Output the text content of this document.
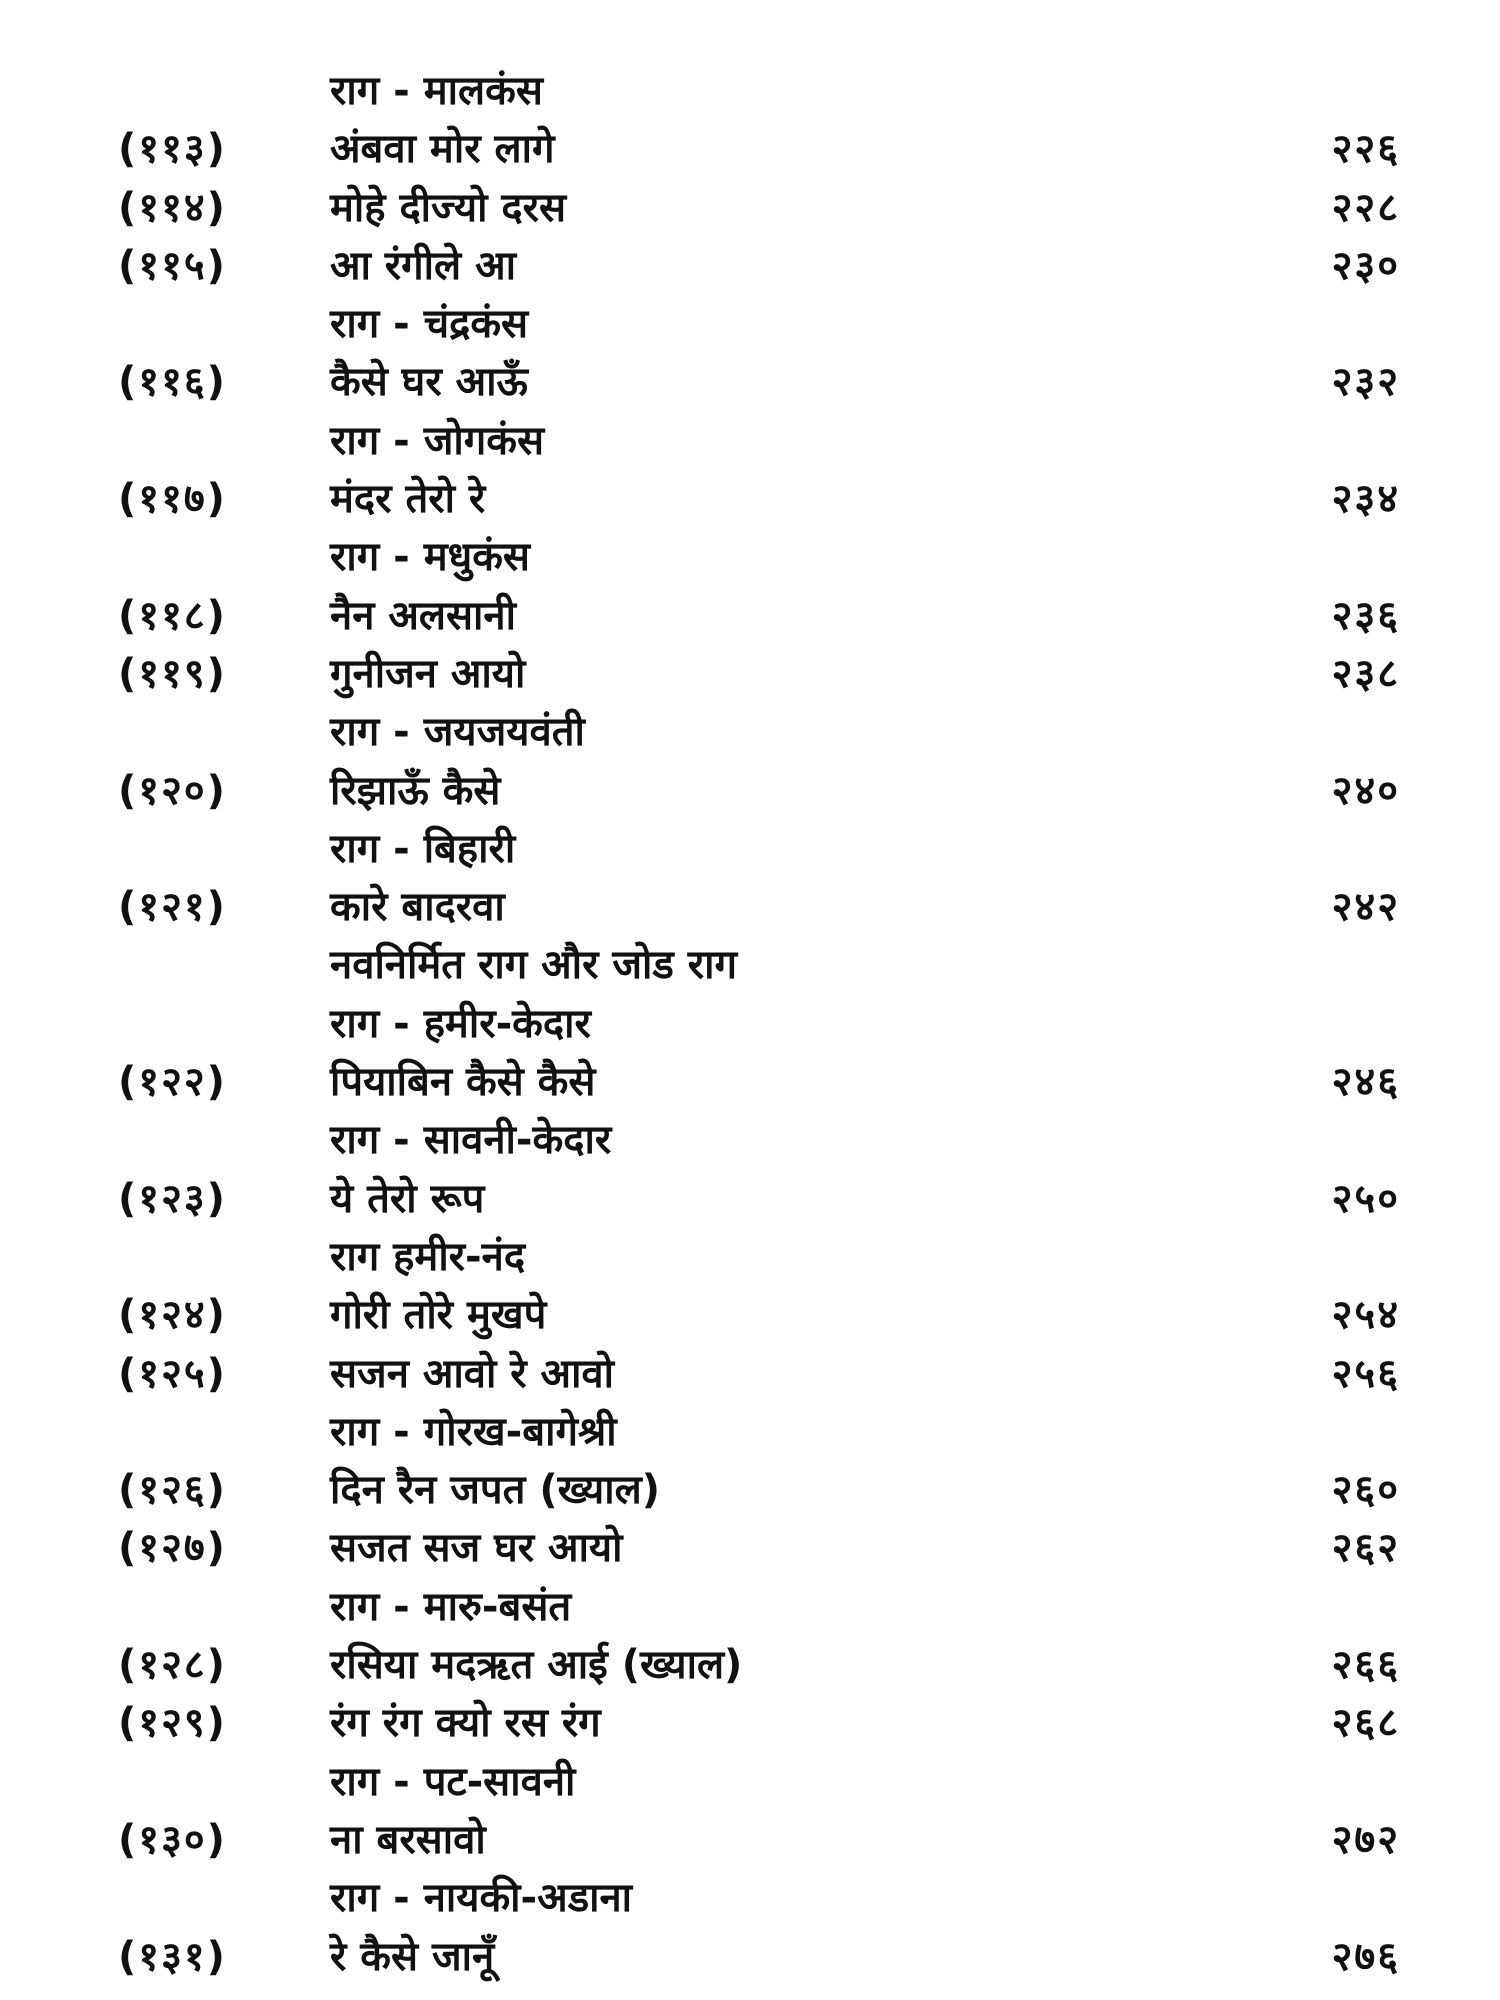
राग - मालकंस
(११३)	अंबवा मोर लागे	२२६
(११४)	मोहे दीज्यो दरस	२२८
(११५)	आ रंगीले आ	२३०
राग - चंद्रकंस
(११६)	कैसे घर आऊँ	२३२
राग - जोगकंस
(११७)	मंदर तेरो रे	२३४
राग - मधुकंस
(११८)	नैन अलसानी	२३६
(११९)	गुनीजन आयो	२३८
राग - जयजयवंती
(१२०)	रिझाऊँ कैसे	२४०
राग - बिहारी
(१२१)	कारे बादरवा	२४२
नवनिर्मित राग और जोड राग
राग - हमीर-केदार
(१२२)	पियाबिन कैसे कैसे	२४६
राग - सावनी-केदार
(१२३)	ये तेरो रूप	२५०
राग हमीर-नंद
(१२४)	गोरी तोरे मुखपे	२५४
(१२५)	सजन आवो रे आवो	२५६
राग - गोरख-बागेश्री
(१२६)	दिन रैन जपत (ख्याल)	२६०
(१२७)	सजत सज घर आयो	२६२
राग - मारु-बसंत
(१२८)	रसिया मदऋत आई (ख्याल)	२६६
(१२९)	रंग रंग क्यो रस रंग	२६८
राग - पट-सावनी
(१३०)	ना बरसावो	२७२
राग - नायकी-अडाना
(१३१)	रे कैसे जानूँ	२७६
